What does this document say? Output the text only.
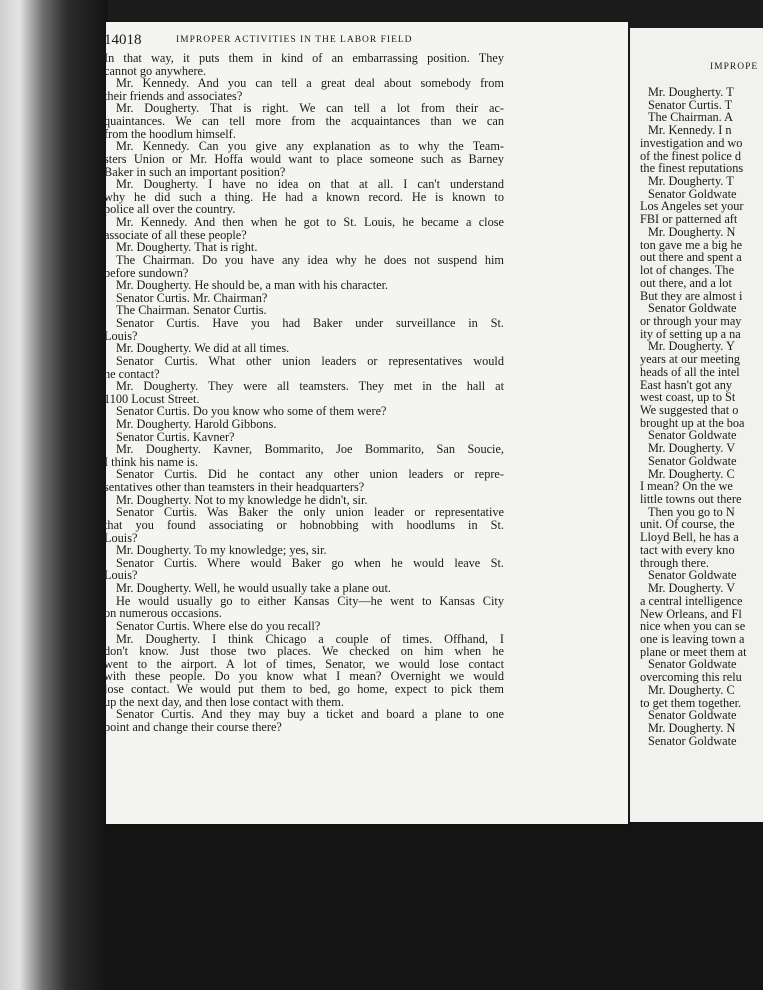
14018	IMPROPER ACTIVITIES IN THE LABOR FIELD
In that way, it puts them in kind of an embarrassing position. They
cannot go anywhere.
Mr. Kennedy. And you can tell a great deal about somebody from
their friends and associates?
Mr. Dougherty. That is right. We can tell a lot from their ac-
quaintances. We can tell more from the acquaintances than we can
from the hoodlum himself.
Mr. Kennedy. Can you give any explanation as to why the Team-
sters Union or Mr. Hoffa would want to place someone such as Barney
Baker in such an important position?
Mr. Dougherty. I have no idea on that at all. I can't understand
why he did such a thing. He had a known record. He is known to
police all over the country.
Mr. Kennedy. And then when he got to St. Louis, he became a close
associate of all these people?
Mr. Dougherty. That is right.
The Chairman. Do you have any idea why he does not suspend him
before sundown?
Mr. Dougherty. He should be, a man with his character.
Senator Curtis. Mr. Chairman?
The Chairman. Senator Curtis.
Senator Curtis. Have you had Baker under surveillance in St.
Louis?
Mr. Dougherty. We did at all times.
Senator Curtis. What other union leaders or representatives would
he contact?
Mr. Dougherty. They were all teamsters. They met in the hall at
1100 Locust Street.
Senator Curtis. Do you know who some of them were?
Mr. Dougherty. Harold Gibbons.
Senator Curtis. Kavner?
Mr. Dougherty. Kavner, Bommarito, Joe Bommarito, San Soucie,
I think his name is.
Senator Curtis. Did he contact any other union leaders or repre-
sentatives other than teamsters in their headquarters?
Mr. Dougherty. Not to my knowledge he didn't, sir.
Senator Curtis. Was Baker the only union leader or representative
that you found associating or hobnobbing with hoodlums in St.
Louis?
Mr. Dougherty. To my knowledge; yes, sir.
Senator Curtis. Where would Baker go when he would leave St.
Louis?
Mr. Dougherty. Well, he would usually take a plane out.
He would usually go to either Kansas City—he went to Kansas City
on numerous occasions.
Senator Curtis. Where else do you recall?
Mr. Dougherty. I think Chicago a couple of times. Offhand, I
don't know. Just those two places. We checked on him when he
went to the airport. A lot of times, Senator, we would lose contact
with these people. Do you know what I mean? Overnight we would
lose contact. We would put them to bed, go home, expect to pick them
up the next day, and then lose contact with them.
Senator Curtis. And they may buy a ticket and board a plane to one
point and change their course there?
IMPROPE
Mr. Dougherty. T
Senator Curtis. T
The Chairman. A
Mr. Kennedy. I n
investigation and wo
of the finest police d
the finest reputations
Mr. Dougherty. T
Senator Goldwate
Los Angeles set your
FBI or patterned aft
Mr. Dougherty. N
ton gave me a big he
out there and spent a
lot of changes. The
out there, and a lot
But they are almost i
Senator Goldwate
or through your may
ity of setting up a na
Mr. Dougherty. Y
years at our meeting
heads of all the intel
East hasn't got any
west coast, up to St
We suggested that o
brought up at the boa
Senator Goldwate
Mr. Dougherty. V
Senator Goldwate
Mr. Dougherty. C
I mean? On the we
little towns out there
Then you go to N
unit. Of course, the
Lloyd Bell, he has a
tact with every kno
through there.
Senator Goldwate
Mr. Dougherty. V
a central intelligence
New Orleans, and Fl
nice when you can se
one is leaving town a
plane or meet them at
Senator Goldwate
overcoming this relu
Mr. Dougherty. C
to get them together.
Senator Goldwate
Mr. Dougherty. N
Senator Goldwate
